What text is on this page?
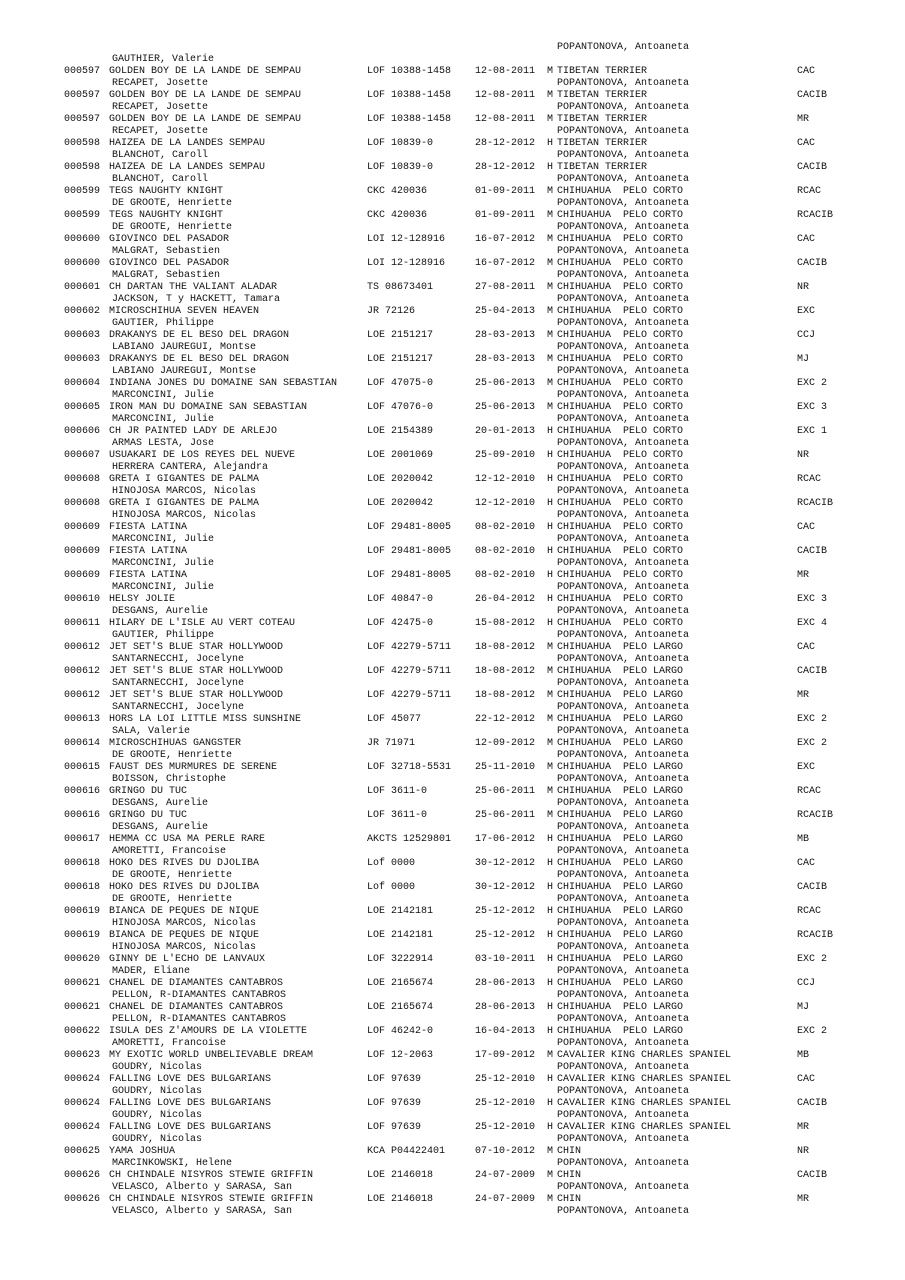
POPANTONOVA, Antoaneta

GAUTHIER, Valerie

000597 GOLDEN BOY DE LA LANDE DE SEMPAU	LOF 10388-1458 12-08-2011 M TIBETAN TERRIER	CAC
RECAPET, Josette	POPANTONOVA, Antoaneta
000597 GOLDEN BOY DE LA LANDE DE SEMPAU	LOF 10388-1458 12-08-2011 M TIBETAN TERRIER	CACIB
RECAPET, Josette	POPANTONOVA, Antoaneta
000597 GOLDEN BOY DE LA LANDE DE SEMPAU	LOF 10388-1458 12-08-2011 M TIBETAN TERRIER	MR
RECAPET, Josette	POPANTONOVA, Antoaneta
000598 HAIZEA DE LA LANDES SEMPAU	LOF 10839-0	28-12-2012 H TIBETAN TERRIER	CAC
BLANCHOT, Caroll	POPANTONOVA, Antoaneta
000598 HAIZEA DE LA LANDES SEMPAU	LOF 10839-0	28-12-2012 H TIBETAN TERRIER	CACIB
BLANCHOT, Caroll	POPANTONOVA, Antoaneta
000599 TEGS NAUGHTY KNIGHT	CKC 420036	01-09-2011 M CHIHUAHUA  PELO CORTO	RCAC
DE GROOTE, Henriette	POPANTONOVA, Antoaneta
000599 TEGS NAUGHTY KNIGHT	CKC 420036	01-09-2011 M CHIHUAHUA  PELO CORTO	RCACIB
DE GROOTE, Henriette	POPANTONOVA, Antoaneta
000600 GIOVINCO DEL PASADOR	LOI 12-128916	16-07-2012 M CHIHUAHUA  PELO CORTO	CAC
MALGRAT, Sebastien	POPANTONOVA, Antoaneta
000600 GIOVINCO DEL PASADOR	LOI 12-128916	16-07-2012 M CHIHUAHUA  PELO CORTO	CACIB
MALGRAT, Sebastien	POPANTONOVA, Antoaneta
000601 CH DARTAN THE VALIANT ALADAR	TS 08673401	27-08-2011 M CHIHUAHUA  PELO CORTO	NR
JACKSON, T y HACKETT, Tamara	POPANTONOVA, Antoaneta
000602 MICROSCHIHUA SEVEN HEAVEN	JR 72126	25-04-2013 M CHIHUAHUA  PELO CORTO	EXC
GAUTIER, Philippe	POPANTONOVA, Antoaneta
000603 DRAKANYS DE EL BESO DEL DRAGON	LOE 2151217	28-03-2013 M CHIHUAHUA  PELO CORTO	CCJ
LABIANO JAUREGUI, Montse	POPANTONOVA, Antoaneta
000603 DRAKANYS DE EL BESO DEL DRAGON	LOE 2151217	28-03-2013 M CHIHUAHUA  PELO CORTO	MJ
LABIANO JAUREGUI, Montse	POPANTONOVA, Antoaneta
000604 INDIANA JONES DU DOMAINE SAN SEBASTIAN	LOF 47075-0	25-06-2013 M CHIHUAHUA  PELO CORTO	EXC 2
MARCONCINI, Julie	POPANTONOVA, Antoaneta
000605 IRON MAN DU DOMAINE SAN SEBASTIAN	LOF 47076-0	25-06-2013 M CHIHUAHUA  PELO CORTO	EXC 3
MARCONCINI, Julie	POPANTONOVA, Antoaneta
000606 CH JR PAINTED LADY DE ARLEJO	LOE 2154389	20-01-2013 H CHIHUAHUA  PELO CORTO	EXC 1
ARMAS LESTA, Jose	POPANTONOVA, Antoaneta
000607 USUAKARI DE LOS REYES DEL NUEVE	LOE 2001069	25-09-2010 H CHIHUAHUA  PELO CORTO	NR
HERRERA CANTERA, Alejandra	POPANTONOVA, Antoaneta
000608 GRETA I GIGANTES DE PALMA	LOE 2020042	12-12-2010 H CHIHUAHUA  PELO CORTO	RCAC
HINOJOSA MARCOS, Nicolas	POPANTONOVA, Antoaneta
000608 GRETA I GIGANTES DE PALMA	LOE 2020042	12-12-2010 H CHIHUAHUA  PELO CORTO	RCACIB
HINOJOSA MARCOS, Nicolas	POPANTONOVA, Antoaneta
000609 FIESTA LATINA	LOF 29481-8005 08-02-2010 H CHIHUAHUA  PELO CORTO	CAC
MARCONCINI, Julie	POPANTONOVA, Antoaneta
000609 FIESTA LATINA	LOF 29481-8005 08-02-2010 H CHIHUAHUA  PELO CORTO	CACIB
MARCONCINI, Julie	POPANTONOVA, Antoaneta
000609 FIESTA LATINA	LOF 29481-8005 08-02-2010 H CHIHUAHUA  PELO CORTO	MR
MARCONCINI, Julie	POPANTONOVA, Antoaneta
000610 HELSY JOLIE	LOF 40847-0	26-04-2012 H CHIHUAHUA  PELO CORTO	EXC 3
DESGANS, Aurelie	POPANTONOVA, Antoaneta
000611 HILARY DE L'ISLE AU VERT COTEAU	LOF 42475-0	15-08-2012 H CHIHUAHUA  PELO CORTO	EXC 4
GAUTIER, Philippe	POPANTONOVA, Antoaneta
000612 JET SET'S BLUE STAR HOLLYWOOD	LOF 42279-5711 18-08-2012 M CHIHUAHUA  PELO LARGO	CAC
SANTARNECCHI, Jocelyne	POPANTONOVA, Antoaneta
000612 JET SET'S BLUE STAR HOLLYWOOD	LOF 42279-5711 18-08-2012 M CHIHUAHUA  PELO LARGO	CACIB
SANTARNECCHI, Jocelyne	POPANTONOVA, Antoaneta
000612 JET SET'S BLUE STAR HOLLYWOOD	LOF 42279-5711 18-08-2012 M CHIHUAHUA  PELO LARGO	MR
SANTARNECCHI, Jocelyne	POPANTONOVA, Antoaneta
000613 HORS LA LOI LITTLE MISS SUNSHINE	LOF 45077	22-12-2012 M CHIHUAHUA  PELO LARGO	EXC 2
SALA, Valerie	POPANTONOVA, Antoaneta
000614 MICROSCHIHUAS GANGSTER	JR 71971	12-09-2012 M CHIHUAHUA  PELO LARGO	EXC 2
DE GROOTE, Henriette	POPANTONOVA, Antoaneta
000615 FAUST DES MURMURES DE SERENE	LOF 32718-5531 25-11-2010 M CHIHUAHUA  PELO LARGO	EXC
BOISSON, Christophe	POPANTONOVA, Antoaneta
000616 GRINGO DU TUC	LOF 3611-0	25-06-2011 M CHIHUAHUA  PELO LARGO	RCAC
DESGANS, Aurelie	POPANTONOVA, Antoaneta
000616 GRINGO DU TUC	LOF 3611-0	25-06-2011 M CHIHUAHUA  PELO LARGO	RCACIB
DESGANS, Aurelie	POPANTONOVA, Antoaneta
000617 HEMMA CC USA MA PERLE RARE	AKCTS 12529801 17-06-2012 H CHIHUAHUA  PELO LARGO	MB
AMORETTI, Francoise	POPANTONOVA, Antoaneta
000618 HOKO DES RIVES DU DJOLIBA	Lof 0000	30-12-2012 H CHIHUAHUA  PELO LARGO	CAC
DE GROOTE, Henriette	POPANTONOVA, Antoaneta
000618 HOKO DES RIVES DU DJOLIBA	Lof 0000	30-12-2012 H CHIHUAHUA  PELO LARGO	CACIB
DE GROOTE, Henriette	POPANTONOVA, Antoaneta
000619 BIANCA DE PEQUES DE NIQUE	LOE 2142181	25-12-2012 H CHIHUAHUA  PELO LARGO	RCAC
HINOJOSA MARCOS, Nicolas	POPANTONOVA, Antoaneta
000619 BIANCA DE PEQUES DE NIQUE	LOE 2142181	25-12-2012 H CHIHUAHUA  PELO LARGO	RCACIB
HINOJOSA MARCOS, Nicolas	POPANTONOVA, Antoaneta
000620 GINNY DE L'ECHO DE LANVAUX	LOF 3222914	03-10-2011 H CHIHUAHUA  PELO LARGO	EXC 2
MADER, Eliane	POPANTONOVA, Antoaneta
000621 CHANEL DE DIAMANTES CANTABROS	LOE 2165674	28-06-2013 H CHIHUAHUA  PELO LARGO	CCJ
PELLON, R-DIAMANTES CANTABROS	POPANTONOVA, Antoaneta
000621 CHANEL DE DIAMANTES CANTABROS	LOE 2165674	28-06-2013 H CHIHUAHUA  PELO LARGO	MJ
PELLON, R-DIAMANTES CANTABROS	POPANTONOVA, Antoaneta
000622 ISULA DES Z'AMOURS DE LA VIOLETTE	LOF 46242-0	16-04-2013 H CHIHUAHUA  PELO LARGO	EXC 2
AMORETTI, Francoise	POPANTONOVA, Antoaneta
000623 MY EXOTIC WORLD UNBELIEVABLE DREAM	LOF 12-2063	17-09-2012 M CAVALIER KING CHARLES SPANIEL	MB
GOUDRY, Nicolas	POPANTONOVA, Antoaneta
000624 FALLING LOVE DES BULGARIANS	LOF 97639	25-12-2010 H CAVALIER KING CHARLES SPANIEL	CAC
GOUDRY, Nicolas	POPANTONOVA, Antoaneta
000624 FALLING LOVE DES BULGARIANS	LOF 97639	25-12-2010 H CAVALIER KING CHARLES SPANIEL	CACIB
GOUDRY, Nicolas	POPANTONOVA, Antoaneta
000624 FALLING LOVE DES BULGARIANS	LOF 97639	25-12-2010 H CAVALIER KING CHARLES SPANIEL	MR
GOUDRY, Nicolas	POPANTONOVA, Antoaneta
000625 YAMA JOSHUA	KCA P04422401	07-10-2012 M CHIN	NR
MARCINKOWSKI, Helene	POPANTONOVA, Antoaneta
000626 CH CHINDALE NISYROS STEWIE GRIFFIN	LOE 2146018	24-07-2009 M CHIN	CACIB
VELASCO, Alberto y SARASA, San	POPANTONOVA, Antoaneta
000626 CH CHINDALE NISYROS STEWIE GRIFFIN	LOE 2146018	24-07-2009 M CHIN	MR
VELASCO, Alberto y SARASA, San	POPANTONOVA, Antoaneta
